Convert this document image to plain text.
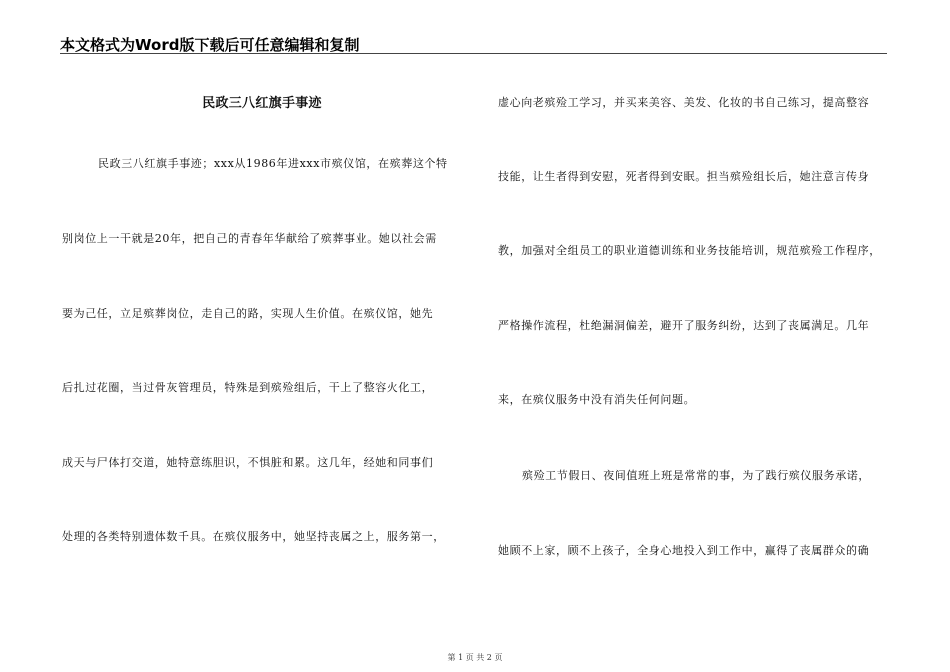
本文格式为Word版下载后可任意编辑和复制
民政三八红旗手事迹
民政三八红旗手事迹；xxx从1986年进xxx市殡仪馆，在殡葬这个特
别岗位上一干就是20年，把自己的青春年华献给了殡葬事业。她以社会需
要为己任，立足殡葬岗位，走自己的路，实现人生价值。在殡仪馆，她先
后扎过花圈，当过骨灰管理员，特殊是到殡殓组后，干上了整容火化工，
成天与尸体打交道，她特意练胆识，不惧脏和累。这几年，经她和同事们
处理的各类特别遗体数千具。在殡仪服务中，她坚持丧属之上，服务第一，
虚心向老殡殓工学习，并买来美容、美发、化妆的书自己练习，提高整容
技能，让生者得到安慰，死者得到安眠。担当殡殓组长后，她注意言传身
教，加强对全组员工的职业道德训练和业务技能培训，规范殡殓工作程序，
严格操作流程，杜绝漏洞偏差，避开了服务纠纷，达到了丧属满足。几年
来，在殡仪服务中没有消失任何问题。
殡殓工节假日、夜间值班上班是常常的事，为了践行殡仪服务承诺，
她顾不上家，顾不上孩子，全身心地投入到工作中，赢得了丧属群众的确
第 1 页 共 2 页
